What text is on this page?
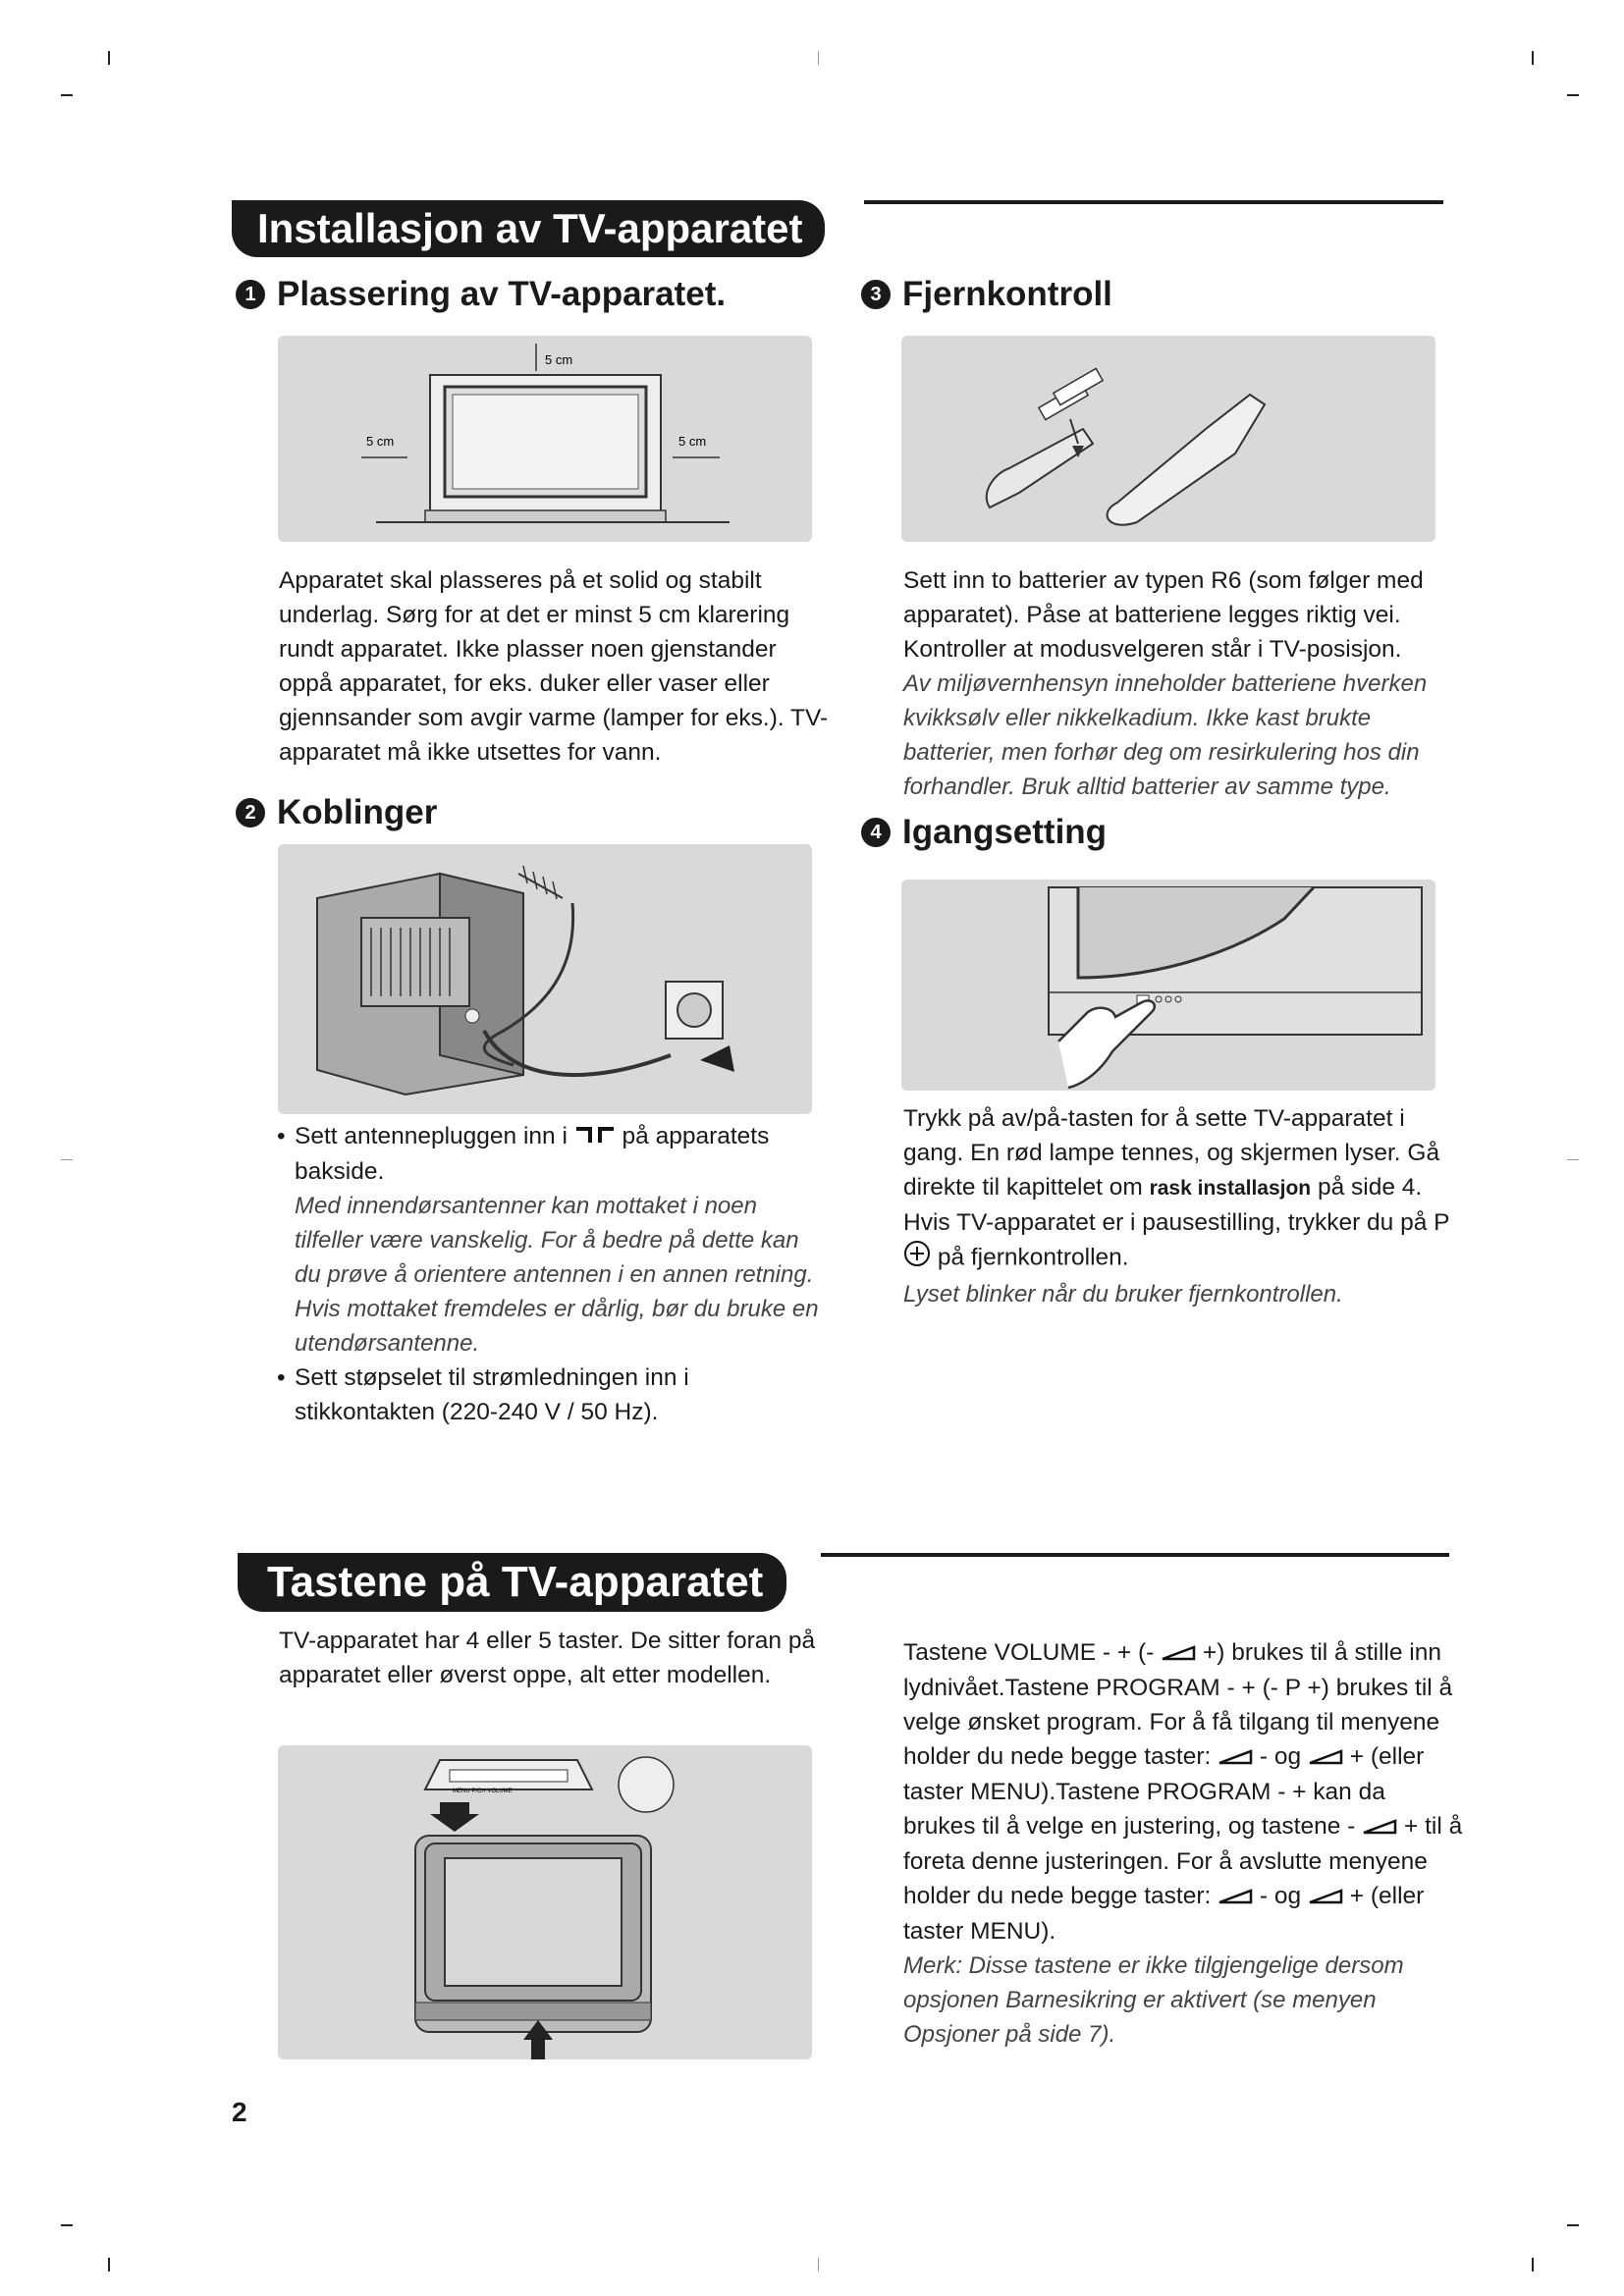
Installasjon av TV-apparatet
1 Plassering av TV-apparatet.
5 cm
5 cm	5 cm

Apparatet skal plasseres på et solid og stabilt underlag. Sørg for at det er minst 5 cm klarering rundt apparatet. Ikke plasser noen gjenstander oppå apparatet, for eks. duker eller vaser eller gjennsander som avgir varme (lamper for eks.). TV-apparatet må ikke utsettes for vann.

2 Koblinger
• Sett antennepluggen inn i på apparatets bakside.
Med innendørsantenner kan mottaket i noen tilfeller være vanskelig. For å bedre på dette kan du prøve å orientere antennen i en annen retning. Hvis mottaket fremdeles er dårlig, bør du bruke en utendørsantenne.
• Sett støpselet til strømledningen inn i stikkontakten (220-240 V / 50 Hz).
3 Fjernkontroll

Sett inn to batterier av typen R6 (som følger med apparatet). Påse at batteriene legges riktig vei. Kontroller at modusvelgeren står i TV-posisjon.

Av miljøvernhensyn inneholder batteriene hverken kvikksølv eller nikkelkadium. Ikke kast brukte batterier, men forhør deg om resirkulering hos din forhandler. Bruk alltid batterier av samme type.

4 Igangsetting

Trykk på av/på-tasten for å sette TV-apparatet i gang. En rød lampe tennes, og skjermen lyser. Gå direkte til kapittelet om rask installasjon på side 4. Hvis TV-apparatet er i pausestilling, trykker du på P  på fjernkontrollen.

Lyset blinker når du bruker fjernkontrollen.

Tastene på TV-apparatet

TV-apparatet har 4 eller 5 taster. De sitter foran på apparatet eller øverst oppe, alt etter modellen.

MENU P/CH VOLUME

Tastene VOLUME - + (- +) brukes til å stille inn lydnivået.Tastene PROGRAM - + (- P +) brukes til å velge ønsket program. For å få tilgang til menyene holder du nede begge taster: - og + (eller taster MENU).Tastene PROGRAM - + kan da brukes til å velge en justering, og tastene - + til å foreta denne justeringen. For å avslutte menyene holder du nede begge taster: - og + (eller taster MENU).

Merk: Disse tastene er ikke tilgjengelige dersom opsjonen Barnesikring er aktivert (se menyen Opsjoner på side 7).

2
